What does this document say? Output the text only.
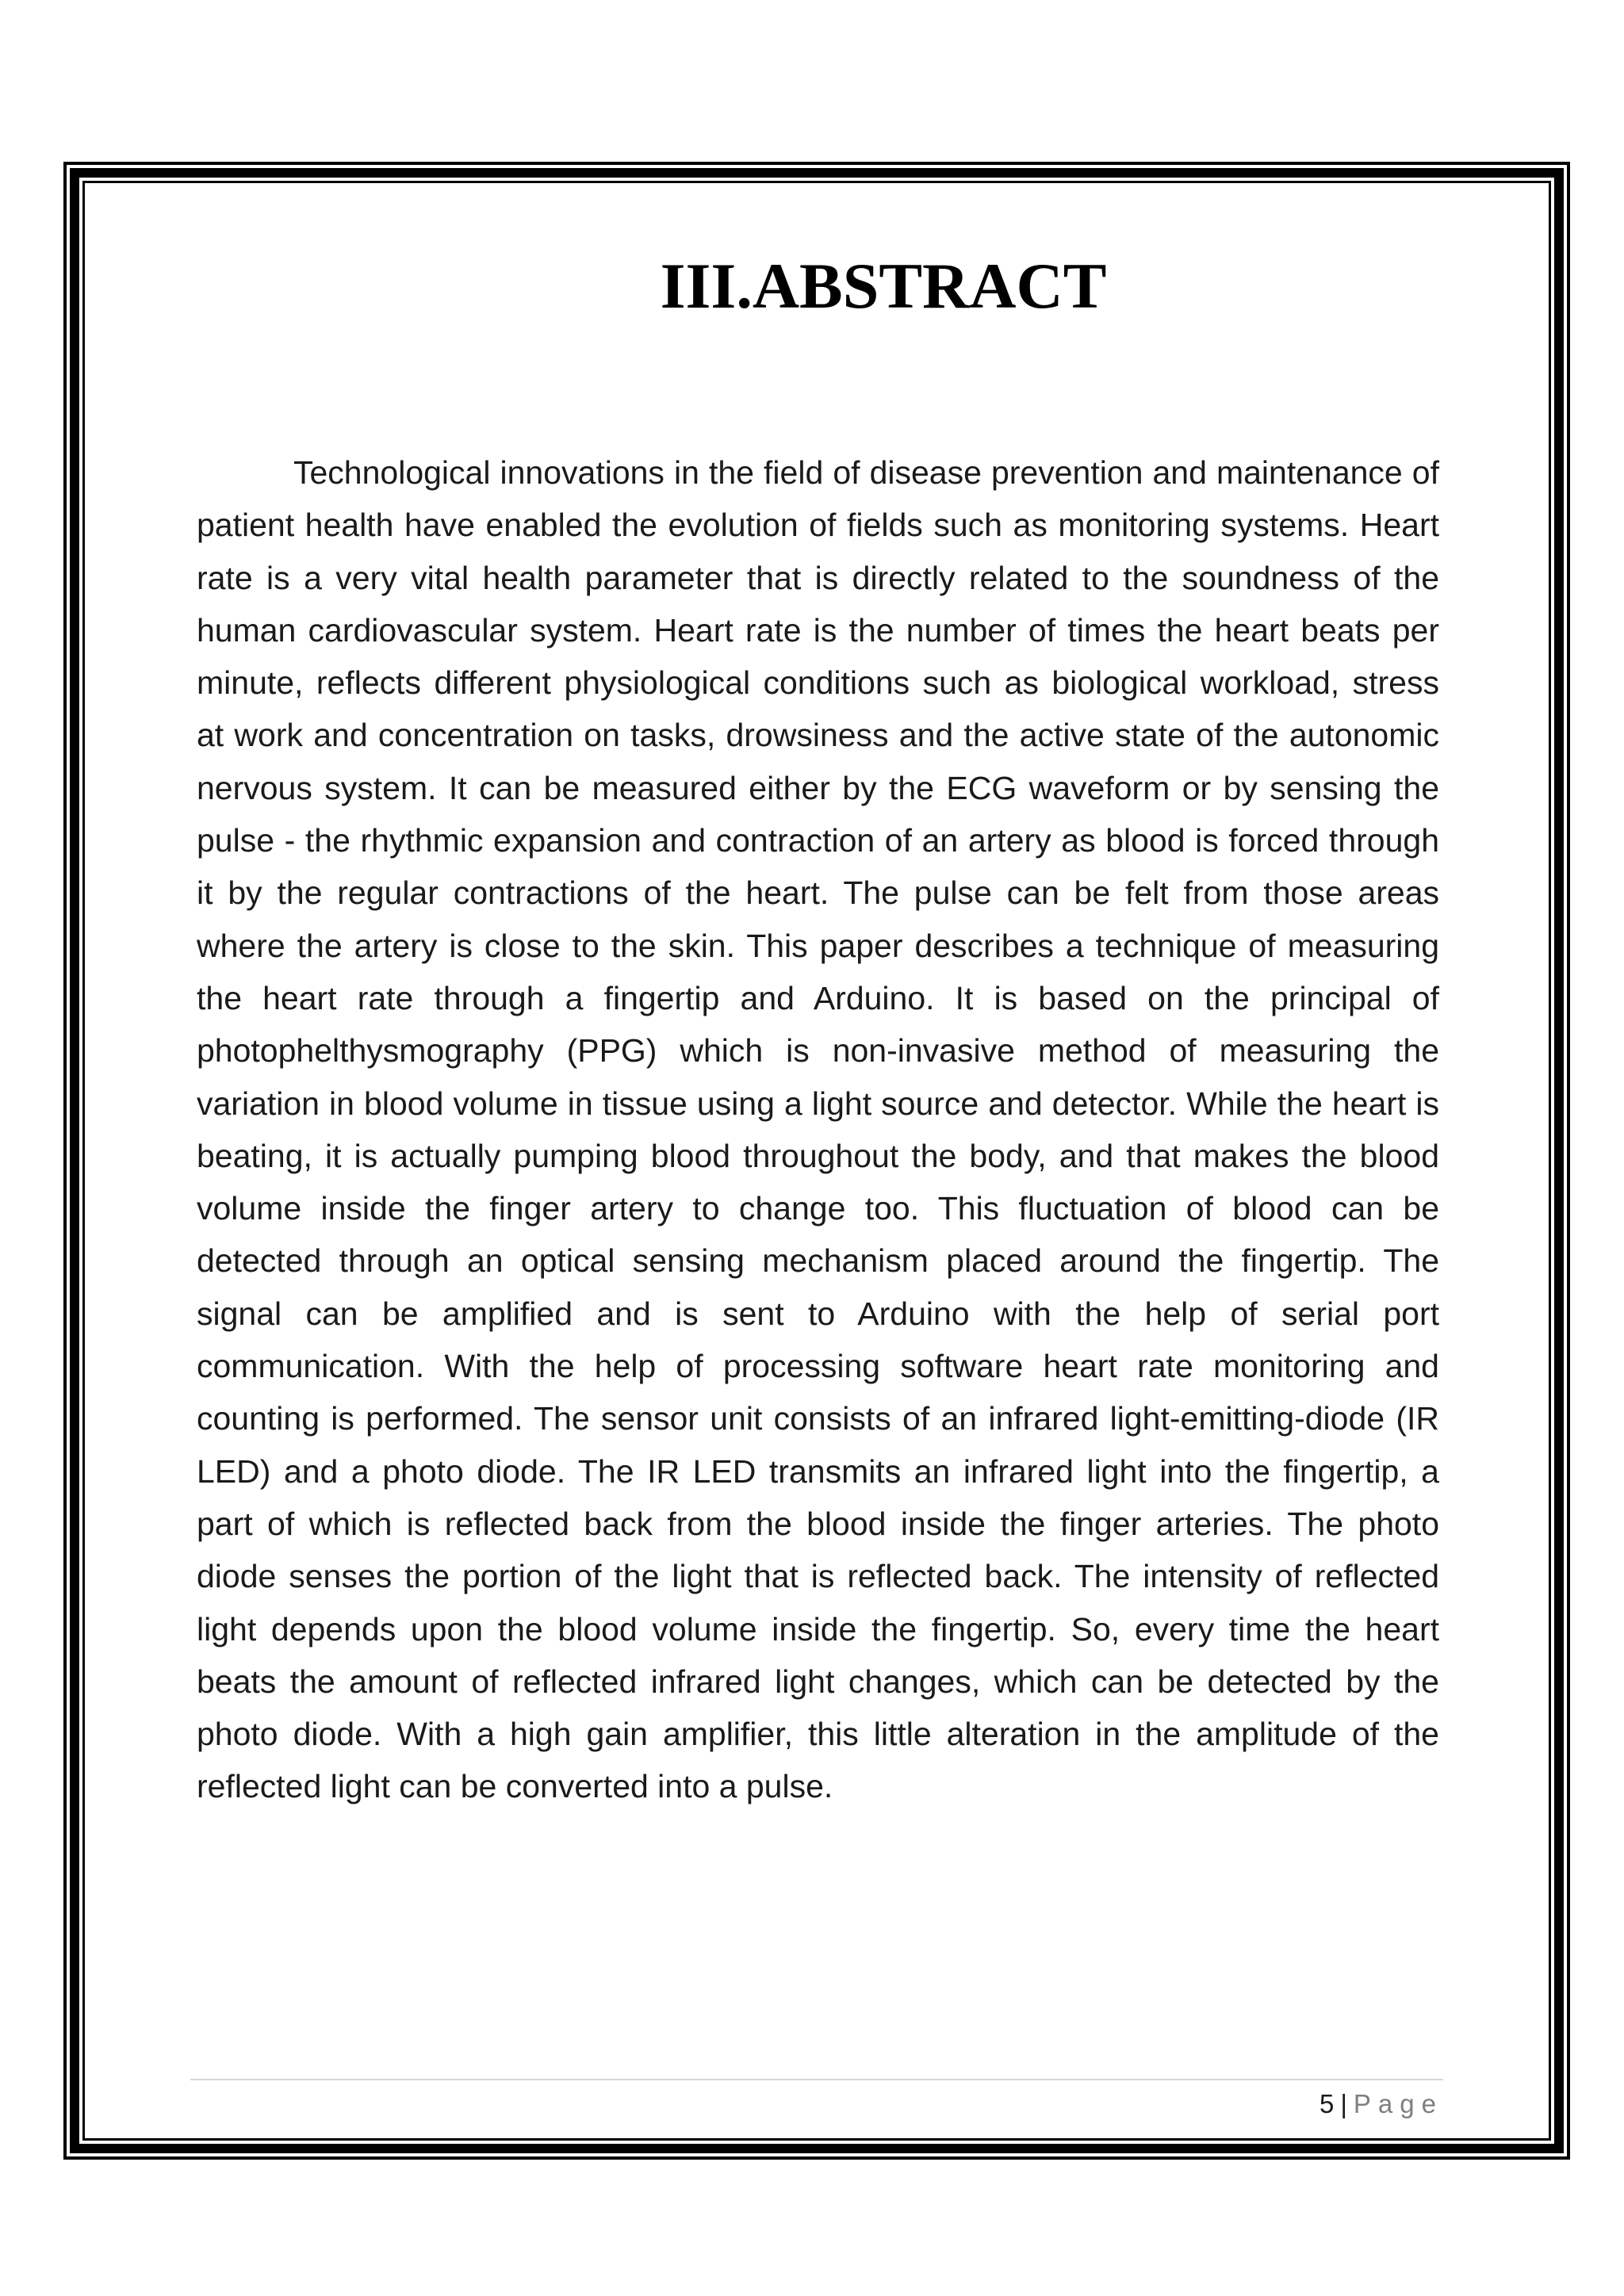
III.ABSTRACT

Technological innovations in the field of disease prevention and maintenance of patient health have enabled the evolution of fields such as monitoring systems. Heart rate is a very vital health parameter that is directly related to the soundness of the human cardiovascular system. Heart rate is the number of times the heart beats per minute, reflects different physiological conditions such as biological workload, stress at work and concentration on tasks, drowsiness and the active state of the autonomic nervous system. It can be measured either by the ECG waveform or by sensing the pulse - the rhythmic expansion and contraction of an artery as blood is forced through it by the regular contractions of the heart. The pulse can be felt from those areas where the artery is close to the skin. This paper describes a technique of measuring the heart rate through a fingertip and Arduino. It is based on the principal of photophelthysmography (PPG) which is non-invasive method of measuring the variation in blood volume in tissue using a light source and detector. While the heart is beating, it is actually pumping blood throughout the body, and that makes the blood volume inside the finger artery to change too. This fluctuation of blood can be detected through an optical sensing mechanism placed around the fingertip. The signal can be amplified and is sent to Arduino with the help of serial port communication. With the help of processing software heart rate monitoring and counting is performed. The sensor unit consists of an infrared light-emitting-diode (IR LED) and a photo diode. The IR LED transmits an infrared light into the fingertip, a part of which is reflected back from the blood inside the finger arteries. The photo diode senses the portion of the light that is reflected back. The intensity of reflected light depends upon the blood volume inside the fingertip. So, every time the heart beats the amount of reflected infrared light changes, which can be detected by the photo diode. With a high gain amplifier, this little alteration in the amplitude of the reflected light can be converted into a pulse.

5 | Page
